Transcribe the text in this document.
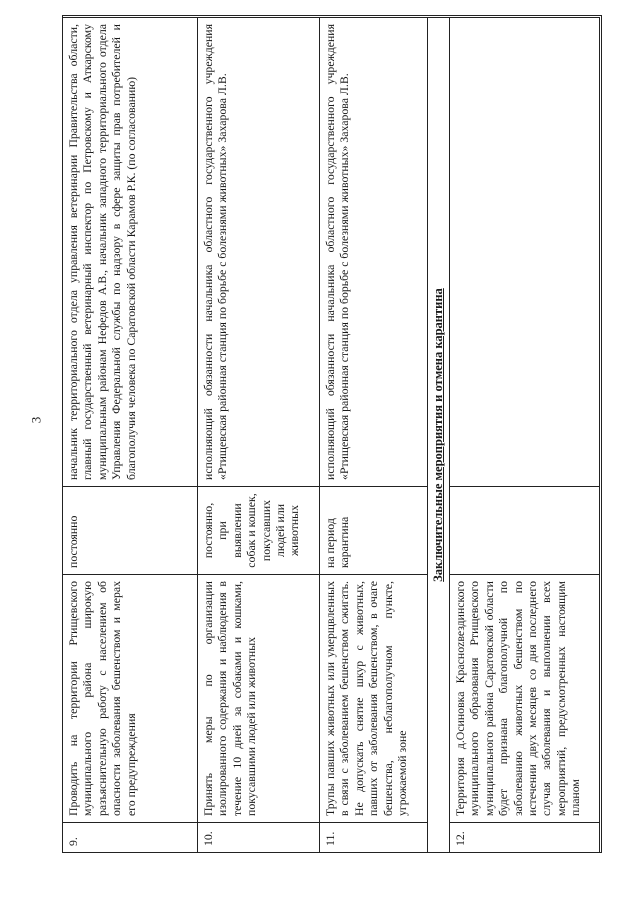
3
9.
Проводить на территории Ртищевского муниципального района широкую разъяснительную работу с населением об опасности заболевания бешенством и мерах его предупреждения
постоянно
начальник территориального отдела управления ветеринарии Правительства области, главный государственный ветеринарный инспектор по Петровскому и Аткарскому муниципальным районам Нефедов А.В., начальник западного территориального отдела Управления Федеральной службы по надзору в сфере защиты прав потребителей и благополучия человека по Саратовской области Карамов Р.К. (по согласованию)
10.
Принять меры по организации изолированного содержания и наблюдения в течение 10 дней за собаками и кошками, покусавшими людей или животных
постоянно, при выявлении собак и кошек, покусавших людей или животных
исполняющий обязанности начальника областного государственного учреждения «Ртищевская районная станция по борьбе с болезнями животных» Захарова Л.В.
11.
Трупы павших животных или умерщвленных в связи с заболеванием бешенством сжигать. Не допускать снятие шкур с животных, павших от заболевания бешенством, в очаге бешенства, неблагополучном пункте, угрожаемой зоне
на период карантина
исполняющий обязанности начальника областного государственного учреждения «Ртищевская районная станция по борьбе с болезнями животных» Захарова Л.В.	Заключительные мероприятия и отмена карантина
12.
Территория д.Осиновка Красноzвездинского муниципального образования Ртищевского муниципального района Саратовской области будет признана благополучной по заболеванию животных бешенством по истечении двух месяцев со дня последнего случая заболевания и выполнении всех мероприятий, предусмотренных настоящим планом
